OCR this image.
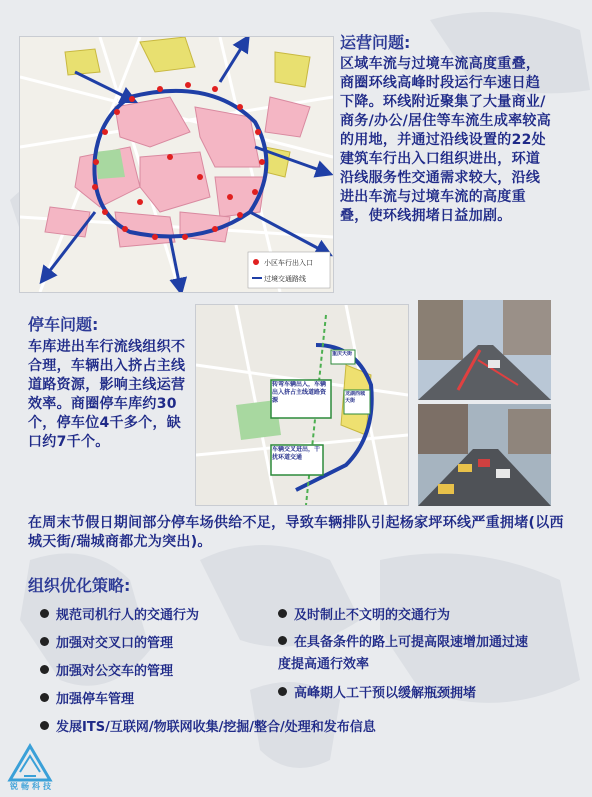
小区车行出入口
过境交通路线
运营问题:
区域车流与过境车流高度重叠，商圈环线高峰时段运行车速日趋下降。环线附近聚集了大量商业/商务/办公/居住等车流生成率较高的用地，并通过沿线设置的22处建筑车行出入口组织进出，环道沿线服务性交通需求较大，沿线进出车流与过境车流的高度重叠，使环线拥堵日益加剧。
转弯车辆出入，车辆出入挤占主线道路资源
车辆交叉进出，干扰环道交通
龙湖西城天街
重庆天街
停车问题:
车库进出车行流线组织不合理，车辆出入挤占主线道路资源，影响主线运营效率。商圈停车库约30个，停车位4千多个，缺口约7千个。
在周末节假日期间部分停车场供给不足，导致车辆排队引起杨家坪环线严重拥堵(以西城天街/瑞城商都尤为突出)。
组织优化策略:
规范司机行人的交通行为
加强对交叉口的管理
加强对公交车的管理
加强停车管理
及时制止不文明的交通行为
在具备条件的路上可提高限速增加通过速度提高通行效率
高峰期人工干预以缓解瓶颈拥堵
发展ITS/互联网/物联网收集/挖掘/整合/处理和发布信息
锐畅科技
